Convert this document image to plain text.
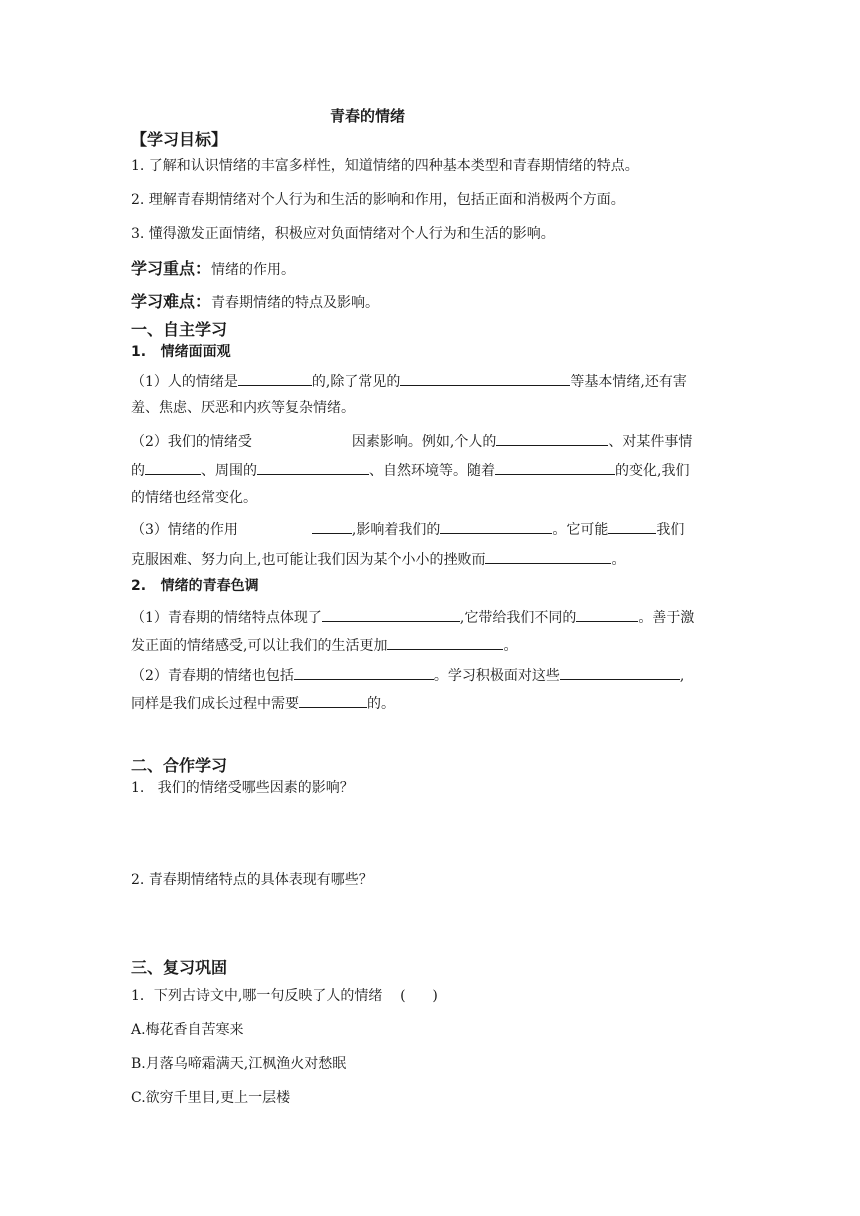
青春的情绪
【学习目标】
1. 了解和认识情绪的丰富多样性，知道情绪的四种基本类型和青春期情绪的特点。
2. 理解青春期情绪对个人行为和生活的影响和作用，包括正面和消极两个方面。
3. 懂得激发正面情绪，积极应对负面情绪对个人行为和生活的影响。
学习重点：情绪的作用。
学习难点：青春期情绪的特点及影响。
一、自主学习
1.   情绪面面观
（1）人的情绪是	的,除了常见的	等基本情绪,还有害
羞、焦虑、厌恶和内疚等复杂情绪。
（2）我们的情绪受	因素影响。例如,个人的	、对某件事情
的	、周围的	、自然环境等。随着	的变化,我们
的情绪也经常变化。
（3）情绪的作用	,影响着我们的	。它可能	我们
克服困难、努力向上,也可能让我们因为某个小小的挫败而	。
2.   情绪的青春色调
（1）青春期的情绪特点体现了	,它带给我们不同的	。善于激
发正面的情绪感受,可以让我们的生活更加	。
（2）青春期的情绪也包括	。学习积极面对这些	,
同样是我们成长过程中需要	的。
二、合作学习
1.   我们的情绪受哪些因素的影响？
2. 青春期情绪特点的具体表现有哪些？
三、复习巩固
1．下列古诗文中,哪一句反映了人的情绪    (      )
A.梅花香自苦寒来
B.月落乌啼霜满天,江枫渔火对愁眠
C.欲穷千里目,更上一层楼
